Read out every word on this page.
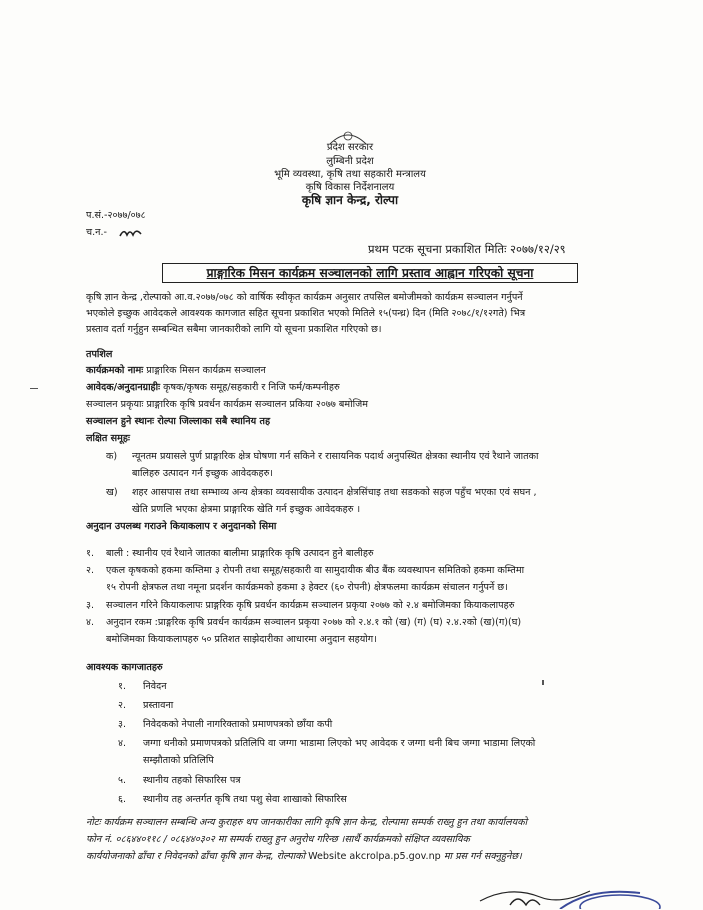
प्रदेश सरकार
लुम्बिनी प्रदेश
भूमि व्यवस्था, कृषि तथा सहकारी मन्त्रालय
कृषि विकास निर्देशनालय
कृषि ज्ञान केन्द्र, रोल्पा
प.सं.-२०७७/०७८
च.न.-
प्रथम पटक सूचना प्रकाशित मितिः २०७७/१२/२९
प्राङ्गारिक मिसन कार्यक्रम सञ्चालनको लागि प्रस्ताव आह्वान गरिएको सूचना
कृषि ज्ञान केन्द्र ,रोल्पाको आ.व.२०७७/०७८ को वार्षिक स्वीकृत कार्यक्रम अनुसार तपसिल बमोजीमको कार्यक्रम सञ्चालन गर्नुपर्ने
भएकोले इच्छुक आवेदकले आवश्यक कागजात सहित सूचना प्रकाशित भएको मितिले १५(पन्ध्र) दिन (मिति २०७८/१/१२गते) भित्र
प्रस्ताव दर्ता गर्नुहुन सम्बन्धित सबैमा जानकारीको लागि यो सूचना प्रकाशित गरिएको छ।
तपशिल
कार्यक्रमको नामः प्राङ्गारिक मिसन कार्यक्रम सञ्चालन
आवेदक/अनुदानग्राहीः कृषक/कृषक समूह/सहकारी र निजि फर्म/कम्पनीहरु
सञ्चालन प्रकृयाः प्राङ्गारिक कृषि प्रवर्धन कार्यक्रम सञ्चालन प्रकिया २०७७ बमोजिम
सञ्चालन हुने स्थानः रोल्पा जिल्लाका सबै स्थानिय तह
लक्षित समूहः
क) न्यूनतम प्रयासले पुर्ण प्राङ्गारिक क्षेत्र घोषणा गर्न सकिने र रासायनिक पदार्थ अनुपस्थित क्षेत्रका स्थानीय एवं रैथाने जातका
बालिहरु उत्पादन गर्न इच्छुक आवेदकहरु।
ख) शहर आसपास तथा सम्भाव्य अन्य क्षेत्रका व्यवसायीक उत्पादन क्षेत्रसिंचाइ तथा सडकको सहज पहुँच भएका एवं सघन ,
खेति प्रणलि भएका क्षेत्रमा प्राङ्गारिक खेति गर्न इच्छुक आवेदकहरु ।
अनुदान उपलब्ध गराउने कियाकलाप र अनुदानको सिमा
१. बाली : स्थानीय एवं रैथाने जातका बालीमा प्राङ्गारिक कृषि उत्पादन हुने बालीहरु
२. एकल कृषकको हकमा कम्तिमा ३ रोपनी तथा समूह/सहकारी वा सामुदायीक बीउ बैंक व्यवस्थापन समितिको हकमा कम्तिमा
१५ रोपनी क्षेत्रफल तथा नमूना प्रदर्शन कार्यक्रमको हकमा ३ हेक्टर (६० रोपनी) क्षेत्रफलमा कार्यक्रम संचालन गर्नुपर्ने छ।
३. सञ्चालन गरिने कियाकलापः प्राङ्गरिक कृषि प्रवर्धन कार्यक्रम सञ्चालन प्रकृया २०७७ को २.४ बमोजिमका कियाकलापहरु
४. अनुदान रकम :प्राङ्गरिक कृषि प्रवर्धन कार्यक्रम सञ्चालन प्रकृया २०७७ को २.४.१ को (ख) (ग) (घ) २.४.२को (ख)(ग)(घ)
बमोजिमका कियाकलापहरु ५० प्रतिशत साझेदारीका आधारमा अनुदान सहयोग।
आवश्यक कागजातहरु
१. निवेदन
२. प्रस्तावना
३. निवेदकको नेपाली नागरिक्ताको प्रमाणपत्रको छाँया कपी
४. जग्गा धनीको प्रमाणपत्रको प्रतिलिपि वा जग्गा भाडामा लिएको भए आवेदक र जग्गा धनी बिच जग्गा भाडामा लिएको
सम्झौताको प्रतिलिपि
५. स्थानीय तहको सिफारिस पत्र
६. स्थानीय तह अन्तर्गत कृषि तथा पशु सेवा शाखाको सिफारिस
नोटः कार्यक्रम सञ्चालन सम्बन्धि अन्य कुराहरु थप जानकारीका लागि कृषि ज्ञान केन्द्र, रोल्पामा सम्पर्क राख्नु हुन तथा कार्यालयको
फोन नं. ०८६४४०११८ / ०८६४४०३०२ मा सम्पर्क राख्नु हुन अनुरोध गरिन्छ ।सार्थै कार्यक्रमको संक्षिप्त व्यवसायिक
कार्ययोजनाको ढाँचा र निवेदनको ढाँचा कृषि ज्ञान केन्द्र, रोल्पाको Website akcrolpa.p5.gov.np मा प्रस गर्न सक्नुहुनेछ।
